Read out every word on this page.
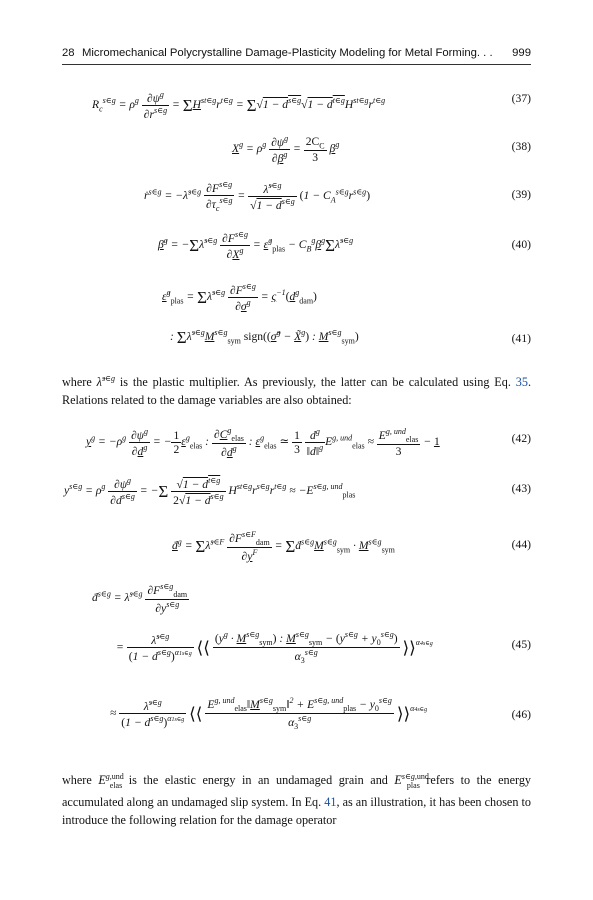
28 Micromechanical Polycrystalline Damage-Plasticity Modeling for Metal Forming. . . 999
$R_c^{s\in g} = \rho^g \frac{\partial\psi^g}{\partial r^{s\in g}} = \Sigma H^{st\in g}r^{t\in g} = \Sigma√1 - d^{s\in g}√1 - d^{t\in g}H^{st\in g}r^{t\in g}$	(37)
$X^g = \rho^g \frac{\partial\psi^g}{\partial\beta^g} = \frac{2C_C}{3} \beta^g$	(38)
ṙ$^{s\in g}$ = −λ̇$^{s\in g}$ $\frac{\partial F^{s\in g}}{\partial\tau_c^{s\in g}} = \frac{\lambdȧ^{s\in g}}{√1 - d^{s\in g}} (1 - C_A^{s\in g}r^{s\in g})$	(39)
β̇$^g$ = −Σλ̇$^{s\in g}$ $\frac{\partial F^{s\in g}}{\partial X^g}$ = ε̇$^g_{plas}$ − $C_B^g\beta^g\Sigma\lambdȧ^{s\in g}$	(40)
ε̇$^g_{plas}$ = Σλ̇$^{s\in g}$ $\frac{\partial F^{s\in g}}{\partial\sigma^g} = \varsigma^{-1}(d^g_{dam})$
: $\Sigma\lambdȧ^{s\in g}M^{s\in g}_{sym}$ sign((σ̃$^g$ − X̃$^g$) : $M^{s\in g}_{sym}$)	(41)
where λ̇$^{s\in g}$ is the plastic multiplier. As previously, the latter can be calculated using Eq. 35. Relations related to the damage variables are also obtained:
$y^g = -\rho^g \frac{\partial\psi^g}{\partial d^g}$ = − $\frac{1}{2} \varepsilon^g_{elas}$ : $\frac{\partial C^g_{elas}}{\partial d^g}$ : $\varepsilon^g_{elas}$ ≃ $\frac{1}{3}$
$\frac{d^g}{‖d‖^g} E^{g, und}_{elas} \approx \frac{E^{g, und}_{elas}}{3} - 1$	(42)
$y^{s\in g} = \rho^g \frac{\partial\psi^g}{\partial d^{s\in g}} = -\Sigma \frac{√1 - d^{t\in g}}{2√1 - d^{s\in g}} H^{st\in g}r^{s\in g}r^{t\in g} \approx -E^{s\in g, und}_{plas}$	(43)
ḋ$^g$ = Σλ̇$^{s\in F}$ $\frac{\partial F^{s\in F}_{dam}}{\partial y^F}$ = $\Sigma ḋ^{s\in g}M^{s\in g}_{sym} \cdot M^{s\in g}_{sym}$	(44)
ḋ$^{s\in g}$ = λ̇$^{s\in g}$ $\frac{\partial F^{s\in g}_{dam}}{\partial y^{s\in g}}$
= $\frac{\lambdȧ^{s\in g}}{(1 - d^{s\in g})^{\alpha 1s\in g}}$ ⟨⟨ $\frac{(y^g \cdot M^{s\in g}_{sym}) : M^{s\in g}_{sym} - (y^{s\in g} + y_0^{s\in g})}{\alpha_3^{s\in g}}$ ⟩⟩$^{\alpha 4s\in g}$	(45)
≈ $\frac{\lambdȧ^{s\in g}}{(1 - d^{s\in g})^{\alpha 1s\in g}}$ ⟨⟨ $\frac{E^{g, und}_{elas}‖M^{s\in g}_{sym}‖^2 + E^{s\in g, und}_{plas} - y_0^{s\in g}}{\alpha_3^{s\in g}}$ ⟩⟩$^{\alpha 4s\in g}$	(46)
where $E^{g,und}_{elas}$ is the elastic energy in an undamaged grain and $E^{s\in g,und}_{plas}$ refers to the energy accumulated along an undamaged slip system. In Eq. 41, as an illustration, it has been chosen to introduce the following relation for the damage operator
